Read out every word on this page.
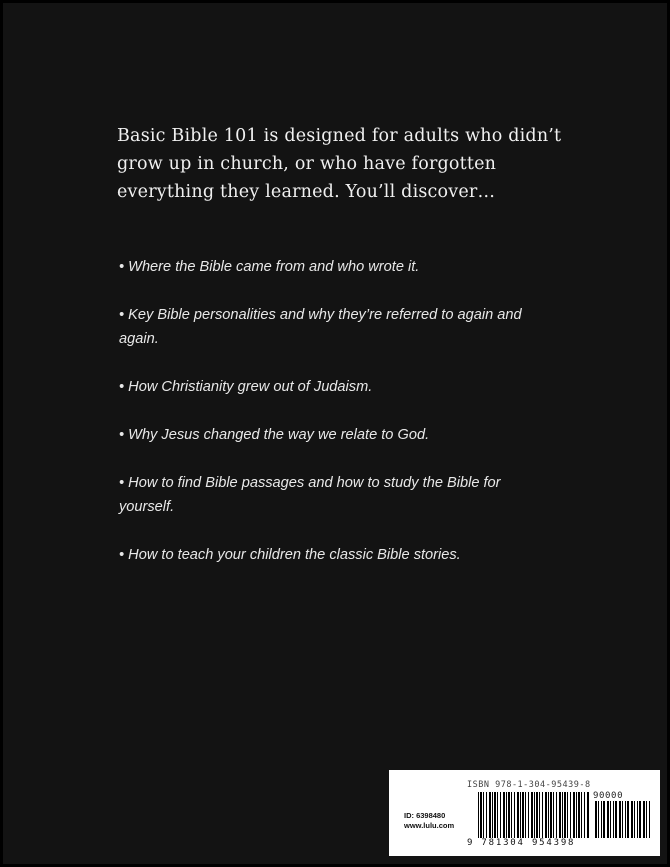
Basic Bible 101 is designed for adults who didn’t grow up in church, or who have forgotten everything they learned. You’ll discover…

• Where the Bible came from and who wrote it.
• Key Bible personalities and why they’re referred to again and again.
• How Christianity grew out of Judaism.
• Why Jesus changed the way we relate to God.
• How to find Bible passages and how to study the Bible for yourself.
• How to teach your children the classic Bible stories.
ISBN 978-1-304-95439-8
90000
ID: 6398480
www.lulu.com
9 781304 954398
